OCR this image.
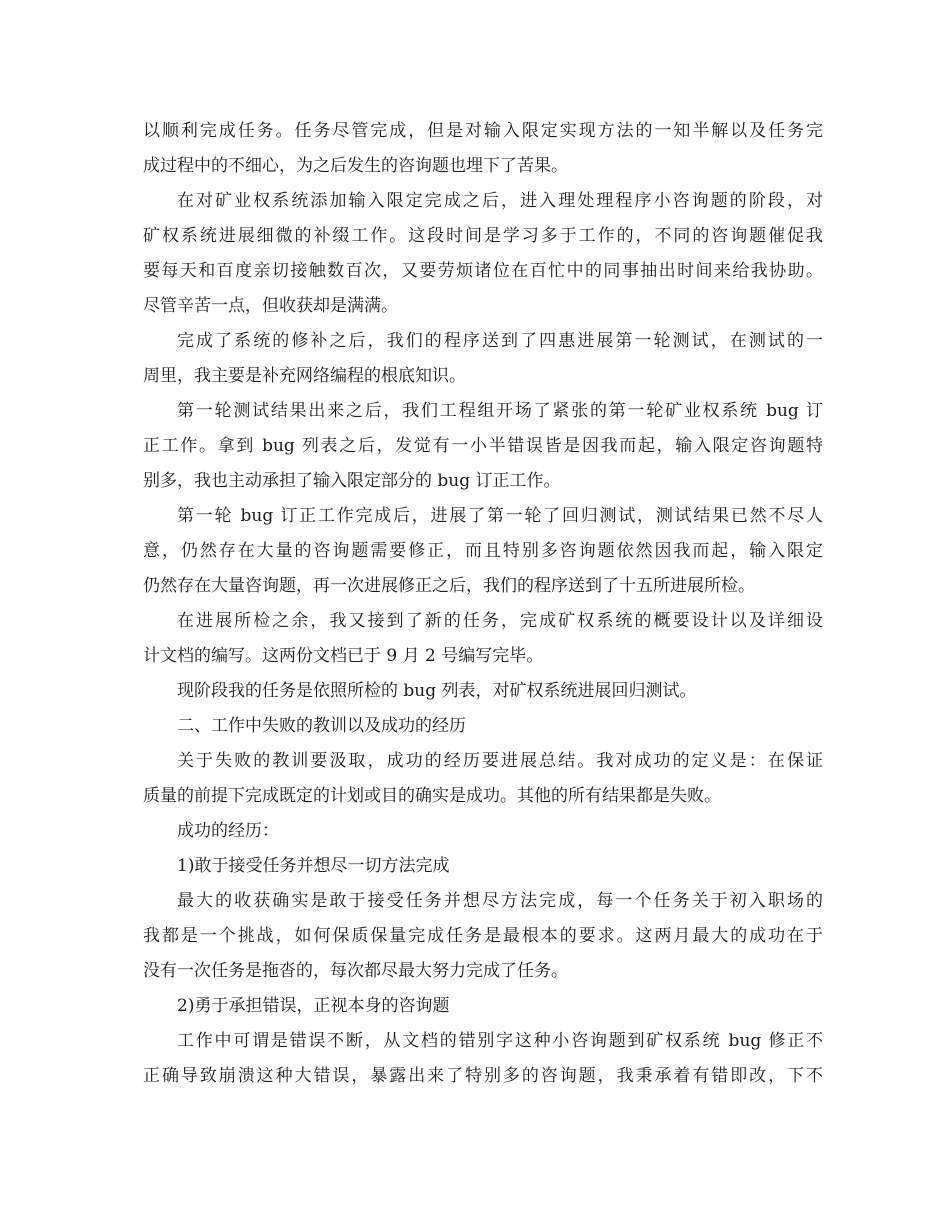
以顺利完成任务。任务尽管完成，但是对输入限定实现方法的一知半解以及任务完

成过程中的不细心，为之后发生的咨询题也埋下了苦果。

在对矿业权系统添加输入限定完成之后，进入理处理程序小咨询题的阶段，对

矿权系统进展细微的补缀工作。这段时间是学习多于工作的，不同的咨询题催促我

要每天和百度亲切接触数百次，又要劳烦诸位在百忙中的同事抽出时间来给我协助。

尽管辛苦一点，但收获却是满满。

完成了系统的修补之后，我们的程序送到了四惠进展第一轮测试，在测试的一

周里，我主要是补充网络编程的根底知识。

第一轮测试结果出来之后，我们工程组开场了紧张的第一轮矿业权系统 bug 订

正工作。拿到 bug 列表之后，发觉有一小半错误皆是因我而起，输入限定咨询题特

别多，我也主动承担了输入限定部分的 bug 订正工作。

第一轮 bug 订正工作完成后，进展了第一轮了回归测试，测试结果已然不尽人

意，仍然存在大量的咨询题需要修正，而且特别多咨询题依然因我而起，输入限定

仍然存在大量咨询题，再一次进展修正之后，我们的程序送到了十五所进展所检。

在进展所检之余，我又接到了新的任务，完成矿权系统的概要设计以及详细设

计文档的编写。这两份文档已于 9 月 2 号编写完毕。

现阶段我的任务是依照所检的 bug 列表，对矿权系统进展回归测试。

二、工作中失败的教训以及成功的经历

关于失败的教训要汲取，成功的经历要进展总结。我对成功的定义是：在保证

质量的前提下完成既定的计划或目的确实是成功。其他的所有结果都是失败。

成功的经历：

1)敢于接受任务并想尽一切方法完成

最大的收获确实是敢于接受任务并想尽方法完成，每一个任务关于初入职场的

我都是一个挑战，如何保质保量完成任务是最根本的要求。这两月最大的成功在于

没有一次任务是拖沓的，每次都尽最大努力完成了任务。

2)勇于承担错误，正视本身的咨询题

工作中可谓是错误不断，从文档的错别字这种小咨询题到矿权系统 bug 修正不

正确导致崩溃这种大错误，暴露出来了特别多的咨询题，我秉承着有错即改，下不
